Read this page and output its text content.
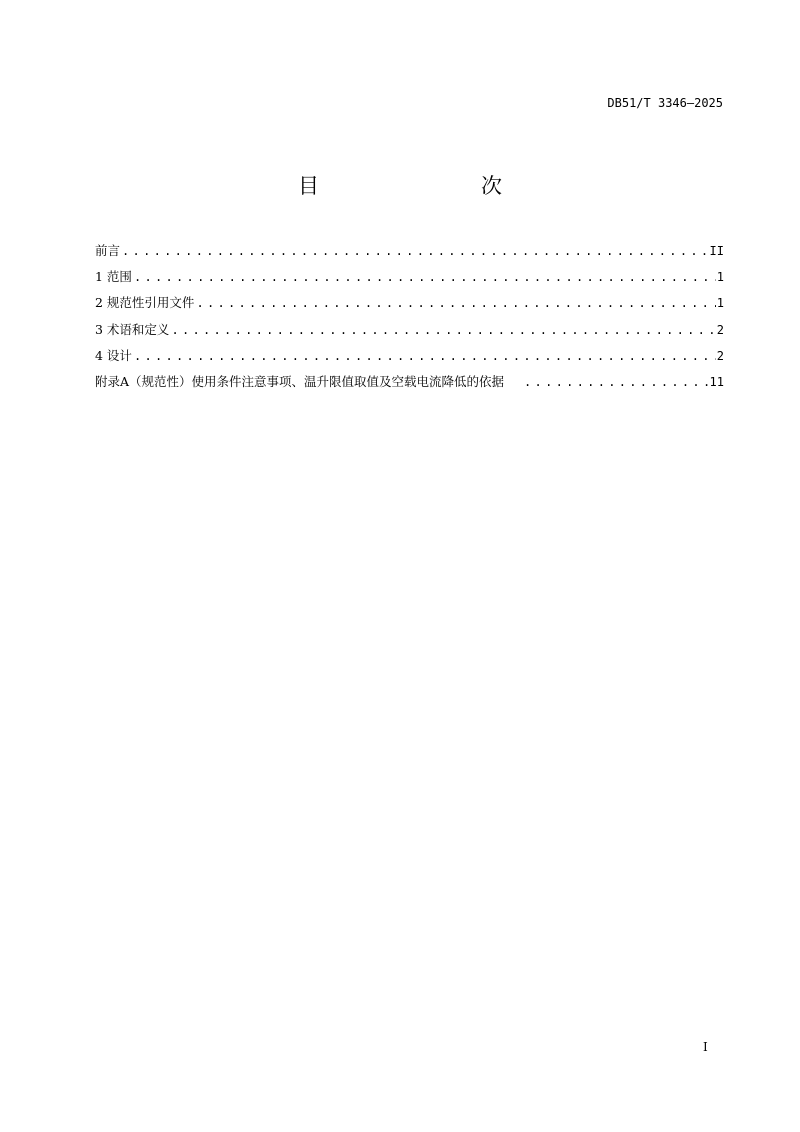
DB51/T 3346—2025
目　　次
前言 .....	II
1 范围 .....	1
2 规范性引用文件 .....	1
3 术语和定义 .....	2
4 设计 .....	2
附录A（规范性）使用条件注意事项、温升限值取值及空载电流降低的依据 .....	11
I
